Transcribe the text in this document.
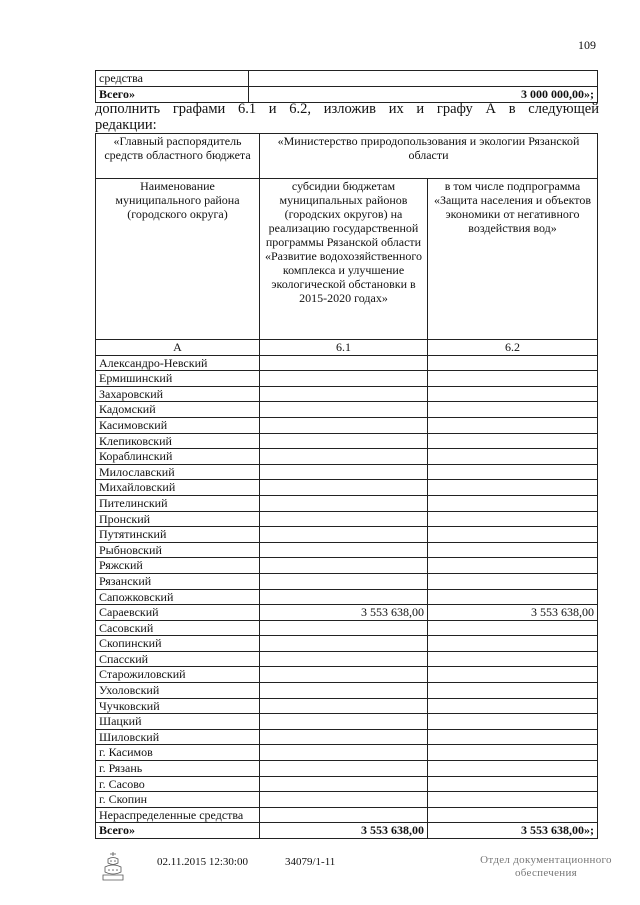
109
средства	
Всего»	3 000 000,00»;
дополнить графами 6.1 и 6.2, изложив их и графу А в следующей редакции:
«Главный распорядитель средств областного бюджета	«Министерство природопользования и экологии Рязанской области	
Наименование муниципального района (городского округа)	субсидии бюджетам муниципальных районов (городских округов) на реализацию государственной программы Рязанской области «Развитие водохозяйственного комплекса и улучшение экологической обстановки в 2015-2020 годах»	в том числе подпрограмма «Защита населения и объектов экономики от негативного воздействия вод»
А	6.1	6.2
Александро-Невский		
Ермишинский		
Захаровский		
Кадомский		
Касимовский		
Клепиковский		
Кораблинский		
Милославский		
Михайловский		
Пителинский		
Пронский		
Путятинский		
Рыбновский		
Ряжский		
Рязанский		
Сапожковский		
Сараевский	3 553 638,00	3 553 638,00
Сасовский		
Скопинский		
Спасский		
Старожиловский		
Ухоловский		
Чучковский		
Шацкий		
Шиловский		
г. Касимов		
г. Рязань		
г. Сасово		
г. Скопин		
Нераспределенные средства		
Всего»	3 553 638,00	3 553 638,00»;
02.11.2015 12:30:00	34079/1-11	Отдел документационного обеспечения
